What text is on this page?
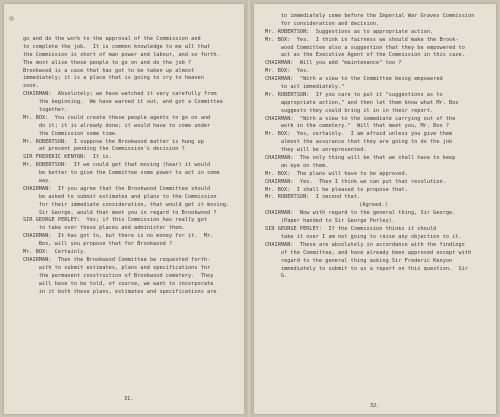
go and do the work to the approval of the Commission and
to complete the job.  It is common knowledge to me all that
the Commission is short of man power and labour, and so forth.
The most alive these people to go on and do the job ?
Brookwood is a case that has got to be taken up almost
immediately; it is a place that is going to cry to heaven
soon.
CHAIRMAN:  Absolutely; we have watched it very carefully from
the beginning.  We have warned it out, and got a Committee
together.
Mr. BOX:  You could create these people agents to go on and
do it; it is already done; it would have to come under
the Commission some time.
Mr. ROBERTSON:  I suppose the Brookwood matter is hung up
at present pending the Commission's decision ?
SIR FREDERIC KENYON:  It is.
Mr. ROBERTSON:  If we could get that moving (hear) it would
be better to give the Committee some power to act in some
way.
CHAIRMAN:  If you agree that the Brookwood Committee should
be asked to submit estimates and plans to the Commission
for their immediate consideration, that would get it moving.
Sir George, would that meet you in regard to Brookwood ?
SIR GEORGE PERLEY:  Yes; if this Commission has really got
to take over these places and administer them.
CHAIRMAN:  It has got to, but there is no money for it.  Mr.
Box, will you propose that for Brookwood ?
Mr. BOX:  Certainly.
CHAIRMAN:  Then the Brookwood Committee be requested forth-
with to submit estimates, plans and specifications for
the permanent construction of Brookwood cemetery.  They
will have to be told, of course, we want to incorporate
in it both these plans, estimates and specifications are
31.
to immediately come before the Imperial War Graves Commission
for consideration and decision.
Mr. ROBERTSON:  Suggestions as to appropriate action.
Mr. BOX:  Yes.  I think in fairness we should make the Brook-
wood Committee also a suggestion that they be empowered to
act as the Executive Agent of the Commission in this case.
CHAIRMAN:  Will you add "maintenance" too ?
Mr. BOX:  Yes.
CHAIRMAN:  "With a view to the Committee being empowered
to act immediately."
Mr. ROBERTSON:  If you care to put it "suggestions as to
appropriate action," and then let them know what Mr. Box
suggests they could bring it in in their report.
CHAIRMAN:  "With a view to the immediate carrying out of the
work in the cemetery."  Will that meet you, Mr. Box ?
Mr. BOX:  Yes, certainly.  I am afraid unless you give them
almost the assurance that they are going to do the job
they will be unrepresented.
CHAIRMAN:  The only thing will be that we shall have to keep
an eye on them.
Mr. BOX:  The plans will have to be approved.
CHAIRMAN:  Yes.  Then I think we can put that resolution.
Mr. BOX:  I shall be pleased to propose that.
Mr. ROBERTSON:  I second that.
(Agreed.)
CHAIRMAN:  Now with regard to the general thing, Sir George.
(Paper handed to Sir George Perley).
SIR GEORGE PERLEY:  If the Commission thinks it should
take it over I am not going to raise any objection to it.
CHAIRMAN:  These are absolutely in accordance with the findings
of the Committee, and have already been approved except with
regard to the general thing asking Sir Frederic Kenyon
immediately to submit to us a report on this question.  Sir
G.
32.
